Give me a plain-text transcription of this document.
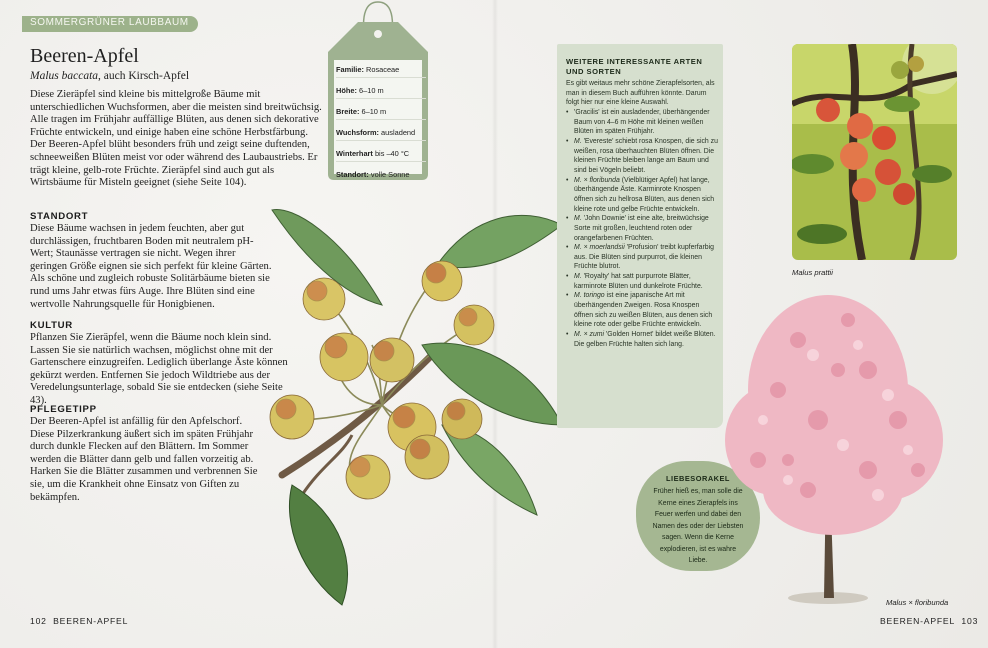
SOMMERGRÜNER LAUBBAUM
Beeren-Apfel
Malus baccata, auch Kirsch-Apfel
Diese Zieräpfel sind kleine bis mittelgroße Bäume mit unterschiedlichen Wuchsformen, aber die meisten sind breitwüchsig. Alle tragen im Frühjahr auffällige Blüten, aus denen sich dekorative Früchte entwickeln, und einige haben eine schöne Herbstfärbung. Der Beeren-Apfel blüht besonders früh und zeigt seine duftenden, schneeweißen Blüten meist vor oder während des Laubaustriebs. Er trägt kleine, gelb-rote Früchte. Zieräpfel sind auch gut als Wirtsbäume für Misteln geeignet (siehe Seite 104).
STANDORT
Diese Bäume wachsen in jedem feuchten, aber gut durchlässigen, fruchtbaren Boden mit neutralem pH-Wert; Staunässe vertragen sie nicht. Wegen ihrer geringen Größe eignen sie sich perfekt für kleine Gärten. Als schöne und zugleich robuste Solitärbäume bieten sie rund ums Jahr etwas fürs Auge. Ihre Blüten sind eine wertvolle Nahrungsquelle für Honigbienen.
KULTUR
Pflanzen Sie Zieräpfel, wenn die Bäume noch klein sind. Lassen Sie sie natürlich wachsen, möglichst ohne mit der Gartenschere einzugreifen. Lediglich überlange Äste können gekürzt werden. Entfernen Sie jedoch Wildtriebe aus der Veredelungsunterlage, sobald Sie sie entdecken (siehe Seite 43).
PFLEGETIPP
Der Beeren-Apfel ist anfällig für den Apfelschorf. Diese Pilzerkrankung äußert sich im späten Frühjahr durch dunkle Flecken auf den Blättern. Im Sommer werden die Blätter dann gelb und fallen vorzeitig ab. Harken Sie die Blätter zusammen und verbrennen Sie sie, um die Krankheit ohne Einsatz von Giften zu bekämpfen.
Familie: Rosaceae
Höhe: 6–10 m
Breite: 6–10 m
Wuchsform: ausladend
Winterhart bis –40 °C
Standort: volle Sonne
102 BEEREN-APFEL
WEITERE INTERESSANTE ARTEN UND SORTEN

Es gibt weitaus mehr schöne Zierapfelsorten, als man in diesem Buch aufführen könnte. Darum folgt hier nur eine kleine Auswahl.

• 'Gracilis' ist ein ausladender, überhängender Baum von 4–6 m Höhe mit kleinen weißen Blüten im späten Frühjahr.
• M. 'Evereste' schiebt rosa Knospen, die sich zu weißen, rosa überhauchten Blüten öffnen. Die kleinen Früchte bleiben lange am Baum und sind bei Vögeln beliebt.
• M. × floribunda (Vielblütiger Apfel) hat lange, überhängende Äste. Karminrote Knospen öffnen sich zu hellrosa Blüten, aus denen sich kleine rote und gelbe Früchte entwickeln.
• M. 'John Downie' ist eine alte, breitwüchsige Sorte mit großen, leuchtend roten oder orangefarbenen Früchten.
• M. × moerlandsii 'Profusion' treibt kupferfarbig aus. Die Blüten sind purpurrot, die kleinen Früchte blutrot.
• M. 'Royalty' hat satt purpurrote Blätter, karminrote Blüten und dunkelrote Früchte.
• M. toringo ist eine japanische Art mit überhängenden Zweigen. Rosa Knospen öffnen sich zu weißen Blüten, aus denen sich kleine rote oder gelbe Früchte entwickeln.
• M. × zumi 'Golden Hornet' bildet weiße Blüten. Die gelben Früchte halten sich lang.
LIEBESORAKEL
Früher hieß es, man solle die Kerne eines Zierapfels ins Feuer werfen und dabei den Namen des oder der Liebsten sagen. Wenn die Kerne explodieren, ist es wahre Liebe.
Malus prattii
Malus × floribunda
BEEREN-APFEL 103
